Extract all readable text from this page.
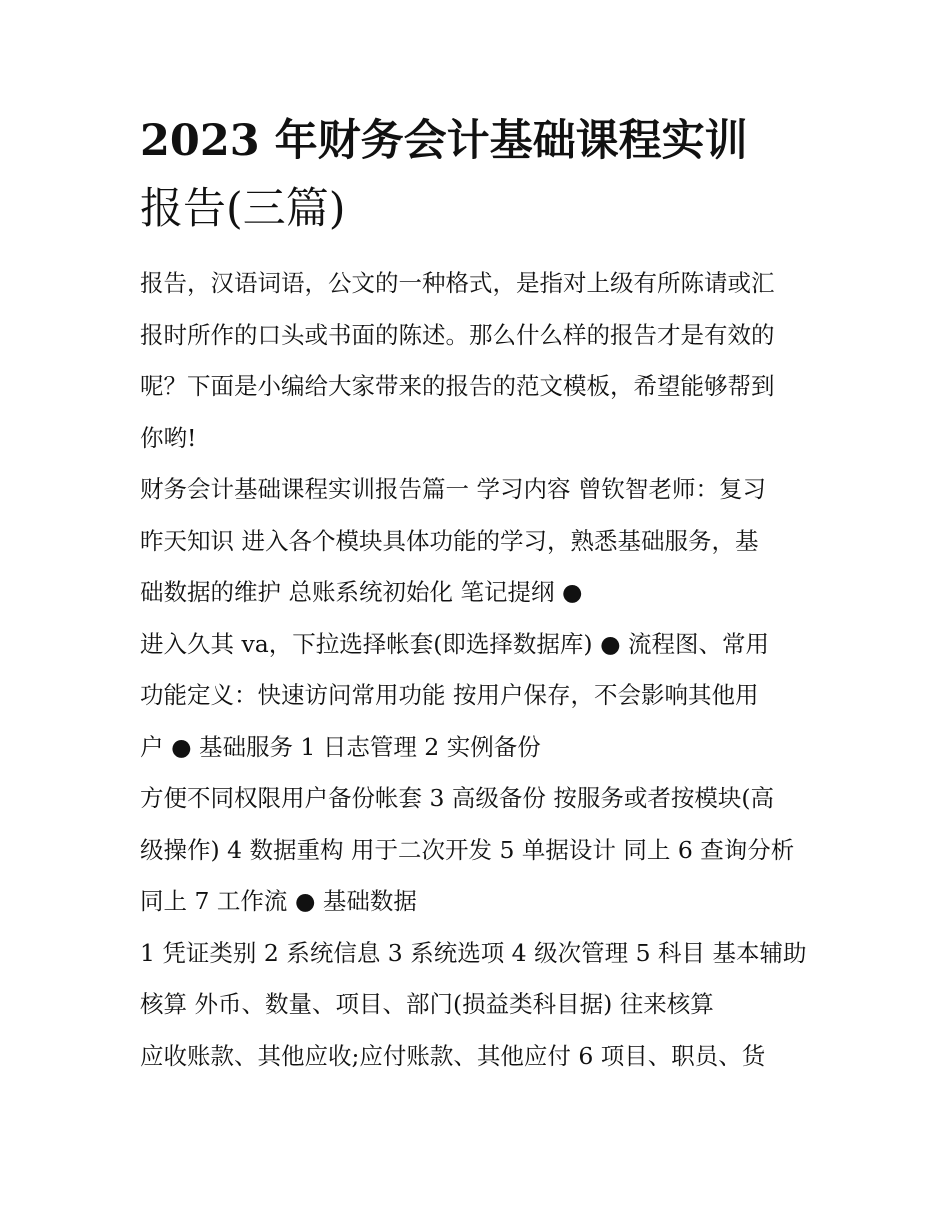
2023 年财务会计基础课程实训
报告(三篇)
报告，汉语词语，公文的一种格式，是指对上级有所陈请或汇
报时所作的口头或书面的陈述。那么什么样的报告才是有效的
呢？下面是小编给大家带来的报告的范文模板，希望能够帮到
你哟!
财务会计基础课程实训报告篇一 学习内容 曾钦智老师：复习
昨天知识 进入各个模块具体功能的学习，熟悉基础服务，基
础数据的维护 总账系统初始化 笔记提纲 ●
进入久其 va，下拉选择帐套(即选择数据库) ● 流程图、常用
功能定义：快速访问常用功能 按用户保存，不会影响其他用
户 ● 基础服务 1 日志管理 2 实例备份
方便不同权限用户备份帐套 3 高级备份 按服务或者按模块(高
级操作) 4 数据重构 用于二次开发 5 单据设计 同上 6 查询分析
同上 7 工作流 ● 基础数据
1 凭证类别 2 系统信息 3 系统选项 4 级次管理 5 科目 基本辅助
核算 外币、数量、项目、部门(损益类科目据) 往来核算
应收账款、其他应收;应付账款、其他应付 6 项目、职员、货
